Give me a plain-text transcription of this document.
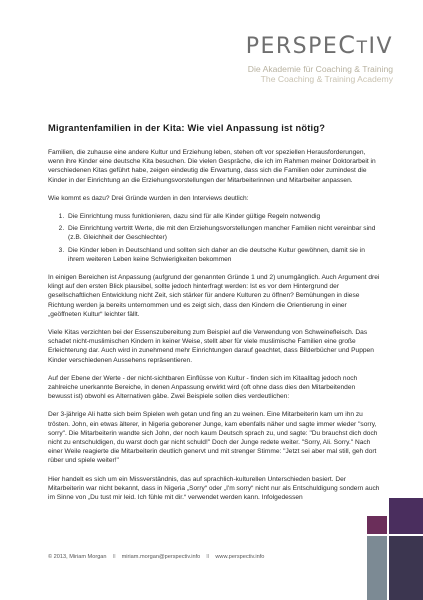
PERSPECTIV
Die Akademie für Coaching & Training
The Coaching & Training Academy
Migrantenfamilien in der Kita: Wie viel Anpassung ist nötig?

Familien, die zuhause eine andere Kultur und Erziehung leben, stehen oft vor speziellen Herausforderungen, wenn ihre Kinder eine deutsche Kita besuchen. Die vielen Gespräche, die ich im Rahmen meiner Doktorarbeit in verschiedenen Kitas geführt habe, zeigen eindeutig die Erwartung, dass sich die Familien oder zumindest die Kinder in der Einrichtung an die Erziehungsvorstellungen der Mitarbeiterinnen und Mitarbeiter anpassen.

Wie kommt es dazu? Drei Gründe wurden in den Interviews deutlich:

1. Die Einrichtung muss funktionieren, dazu sind für alle Kinder gültige Regeln notwendig
2. Die Einrichtung vertritt Werte, die mit den Erziehungsvorstellungen mancher Familien nicht vereinbar sind (z.B. Gleichheit der Geschlechter)
3. Die Kinder leben in Deutschland und sollten sich daher an die deutsche Kultur gewöhnen, damit sie in ihrem weiteren Leben keine Schwierigkeiten bekommen

In einigen Bereichen ist Anpassung (aufgrund der genannten Gründe 1 und 2) unumgänglich. Auch Argument drei klingt auf den ersten Blick plausibel, sollte jedoch hinterfragt werden: Ist es vor dem Hintergrund der gesellschaftlichen Entwicklung nicht Zeit, sich stärker für andere Kulturen zu öffnen? Bemühungen in diese Richtung werden ja bereits unternommen und es zeigt sich, dass den Kindern die Orientierung in einer „geöffneten Kultur“ leichter fällt.

Viele Kitas verzichten bei der Essenszubereitung zum Beispiel auf die Verwendung von Schweinefleisch. Das schadet nicht-muslimischen Kindern in keiner Weise, stellt aber für viele muslimische Familien eine große Erleichterung dar. Auch wird in zunehmend mehr Einrichtungen darauf geachtet, dass Bilderbücher und Puppen Kinder verschiedenen Aussehens repräsentieren.

Auf der Ebene der Werte - der nicht-sichtbaren Einflüsse von Kultur - finden sich im Kitaalltag jedoch noch zahlreiche unerkannte Bereiche, in denen Anpassung erwirkt wird (oft ohne dass dies den Mitarbeitenden bewusst ist) obwohl es Alternativen gäbe. Zwei Beispiele sollen dies verdeutlichen:

Der 3-jährige Ali hatte sich beim Spielen weh getan und fing an zu weinen. Eine Mitarbeiterin kam um ihn zu trösten. John, ein etwas älterer, in Nigeria geborener Junge, kam ebenfalls näher und sagte immer wieder "sorry, sorry". Die Mitarbeiterin wandte sich John, der noch kaum Deutsch sprach zu, und sagte: "Du brauchst dich doch nicht zu entschuldigen, du warst doch gar nicht schuld!" Doch der Junge redete weiter. "Sorry, Ali. Sorry." Nach einer Weile reagierte die Mitarbeiterin deutlich genervt und mit strenger Stimme: "Jetzt sei aber mal still, geh dort rüber und spiele weiter!"

Hier handelt es sich um ein Missverständnis, das auf sprachlich-kulturellen Unterschieden basiert. Der Mitarbeiterin war nicht bekannt, dass in Nigeria „Sorry“ oder „I'm sorry“ nicht nur als Entschuldigung sondern auch im Sinne von „Du tust mir leid. Ich fühle mit dir.“ verwendet werden kann. Infolgedessen

© 2013, Miriam Morgan II miriam.morgan@perspectiv.info II www.perspectiv.info
